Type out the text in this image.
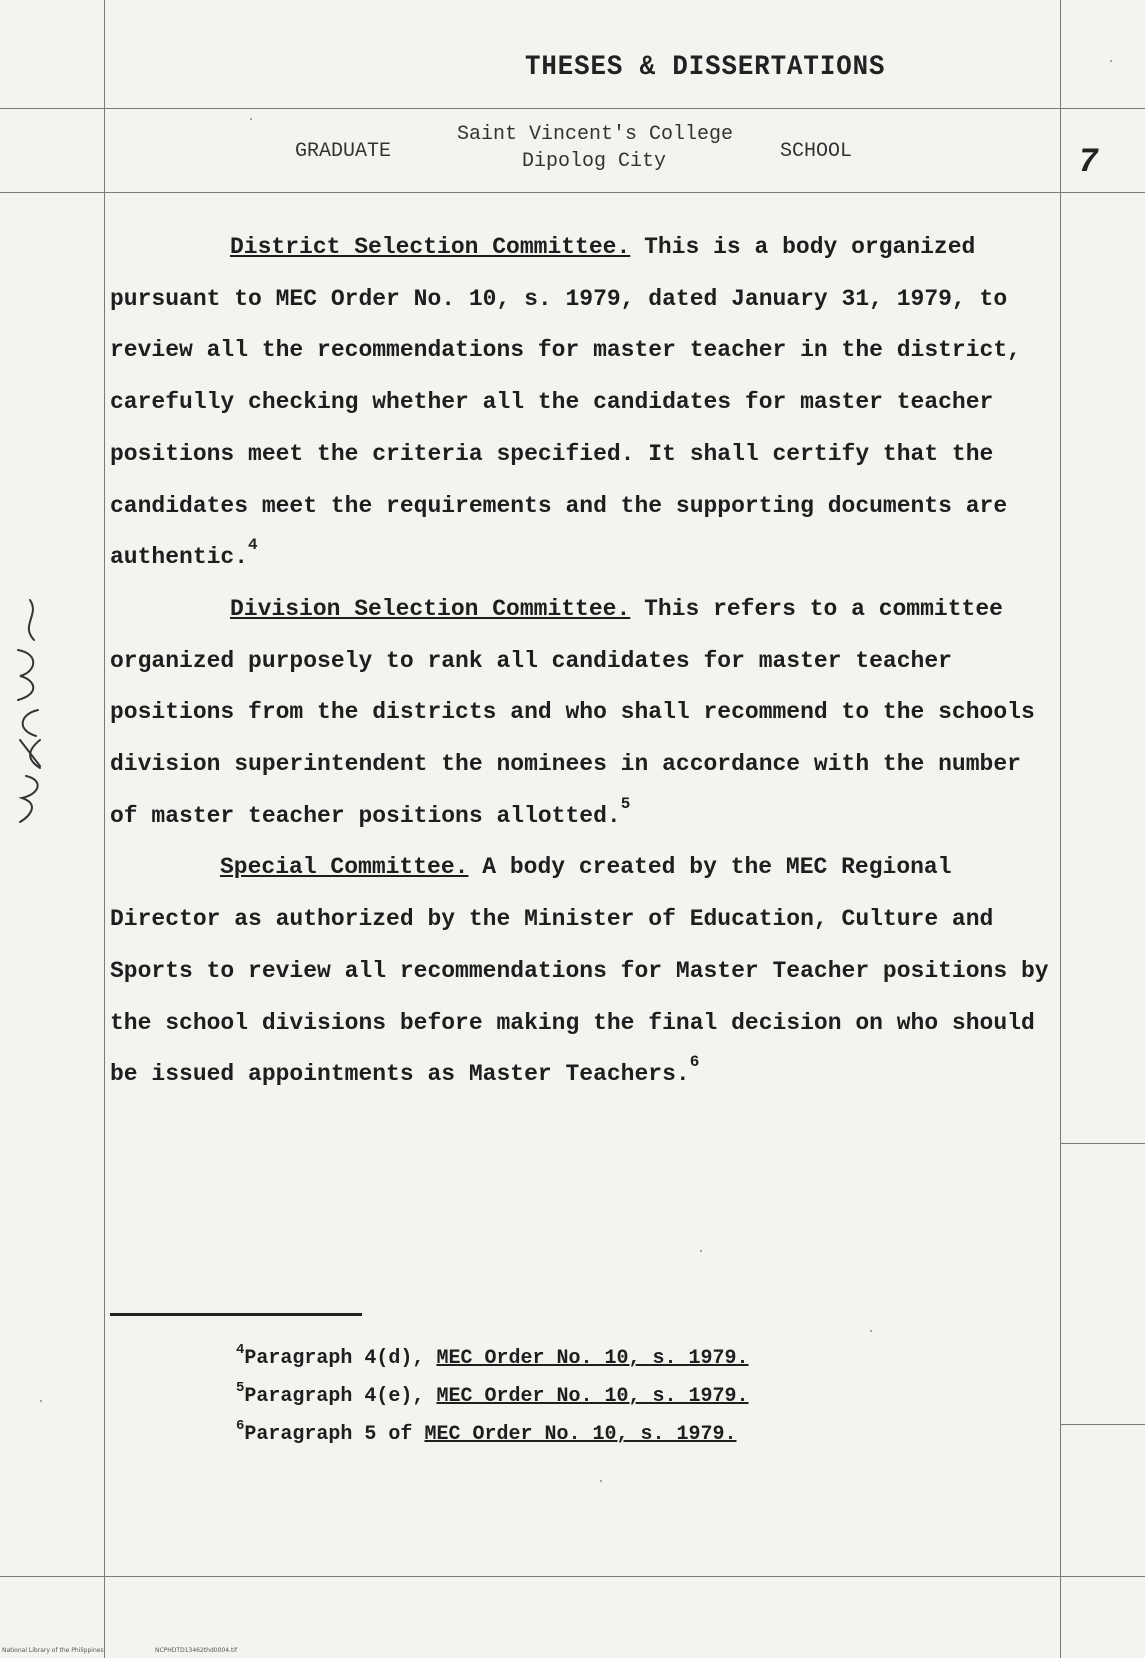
THESES & DISSERTATIONS
GRADUATE
Saint Vincent's College
Dipolog City	SCHOOL	7

District Selection Committee. This is a body organized pursuant to MEC Order No. 10, s. 1979, dated January 31, 1979, to review all the recommendations for master teacher in the district, carefully checking whether all the candidates for master teacher positions meet the criteria specified. It shall certify that the candidates meet the requirements and the supporting documents are authentic.$^4$

Division Selection Committee. This refers to a committee organized purposely to rank all candidates for master teacher positions from the districts and who shall recommend to the schools division superintendent the nominees in accordance with the number of master teacher positions allotted.$^5$

Special Committee. A body created by the MEC Regional Director as authorized by the Minister of Education, Culture and Sports to review all recommendations for Master Teacher positions by the school divisions before making the final decision on who should be issued appointments as Master Teachers.$^6$

$^4$Paragraph 4(d), MEC Order No. 10, s. 1979.
$^5$Paragraph 4(e), MEC Order No. 10, s. 1979.
$^6$Paragraph 5 of MEC Order No. 10, s. 1979.
National Library of the Philippines	NCPHDTD13462thd0004.tif
